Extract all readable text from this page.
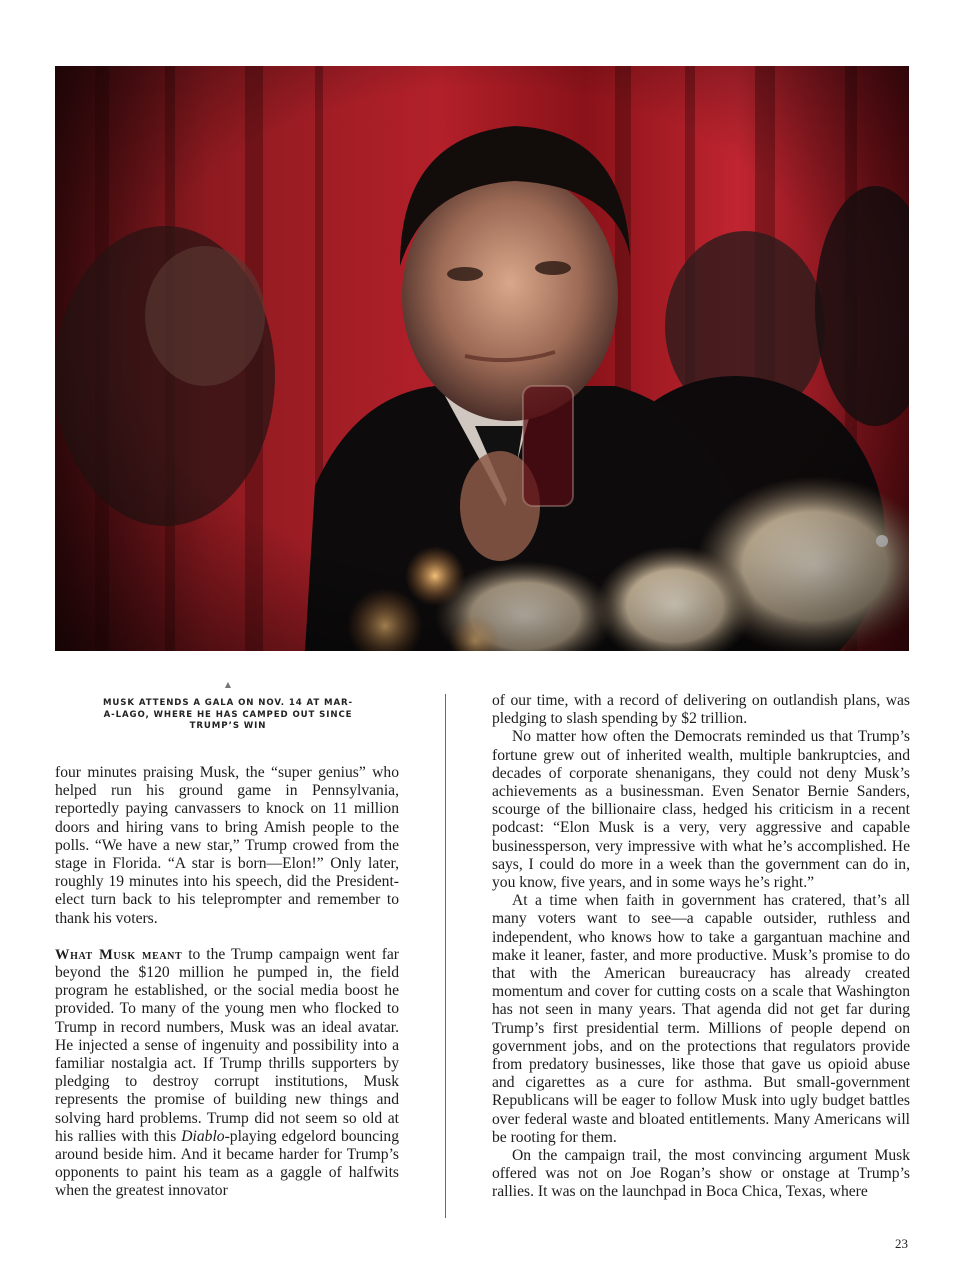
▲
MUSK ATTENDS A GALA ON NOV. 14 AT MAR-A-LAGO, WHERE HE HAS CAMPED OUT SINCE TRUMP’S WIN

four minutes praising Musk, the “super genius” who helped run his ground game in Pennsylvania, reportedly paying canvassers to knock on 11 million doors and hiring vans to bring Amish people to the polls. “We have a new star,” Trump crowed from the stage in Florida. “A star is born—Elon!” Only later, roughly 19 minutes into his speech, did the President-elect turn back to his teleprompter and remember to thank his voters.

What Musk meant to the Trump campaign went far beyond the $120 million he pumped in, the field program he established, or the social media boost he provided. To many of the young men who flocked to Trump in record numbers, Musk was an ideal avatar. He injected a sense of ingenuity and possibility into a familiar nostalgia act. If Trump thrills supporters by pledging to destroy corrupt institutions, Musk represents the promise of building new things and solving hard problems. Trump did not seem so old at his rallies with this Diablo-playing edgelord bouncing around beside him. And it became harder for Trump’s opponents to paint his team as a gaggle of halfwits when the greatest innovator

of our time, with a record of delivering on outlandish plans, was pledging to slash spending by $2 trillion.

No matter how often the Democrats reminded us that Trump’s fortune grew out of inherited wealth, multiple bankruptcies, and decades of corporate shenanigans, they could not deny Musk’s achievements as a businessman. Even Senator Bernie Sanders, scourge of the billionaire class, hedged his criticism in a recent podcast: “Elon Musk is a very, very aggressive and capable businessperson, very impressive with what he’s accomplished. He says, I could do more in a week than the government can do in, you know, five years, and in some ways he’s right.”

At a time when faith in government has cratered, that’s all many voters want to see—a capable outsider, ruthless and independent, who knows how to take a gargantuan machine and make it leaner, faster, and more productive. Musk’s promise to do that with the American bureaucracy has already created momentum and cover for cutting costs on a scale that Washington has not seen in many years. That agenda did not get far during Trump’s first presidential term. Millions of people depend on government jobs, and on the protections that regulators provide from predatory businesses, like those that gave us opioid abuse and cigarettes as a cure for asthma. But small-government Republicans will be eager to follow Musk into ugly budget battles over federal waste and bloated entitlements. Many Americans will be rooting for them.

On the campaign trail, the most convincing argument Musk offered was not on Joe Rogan’s show or onstage at Trump’s rallies. It was on the launchpad in Boca Chica, Texas, where

23
